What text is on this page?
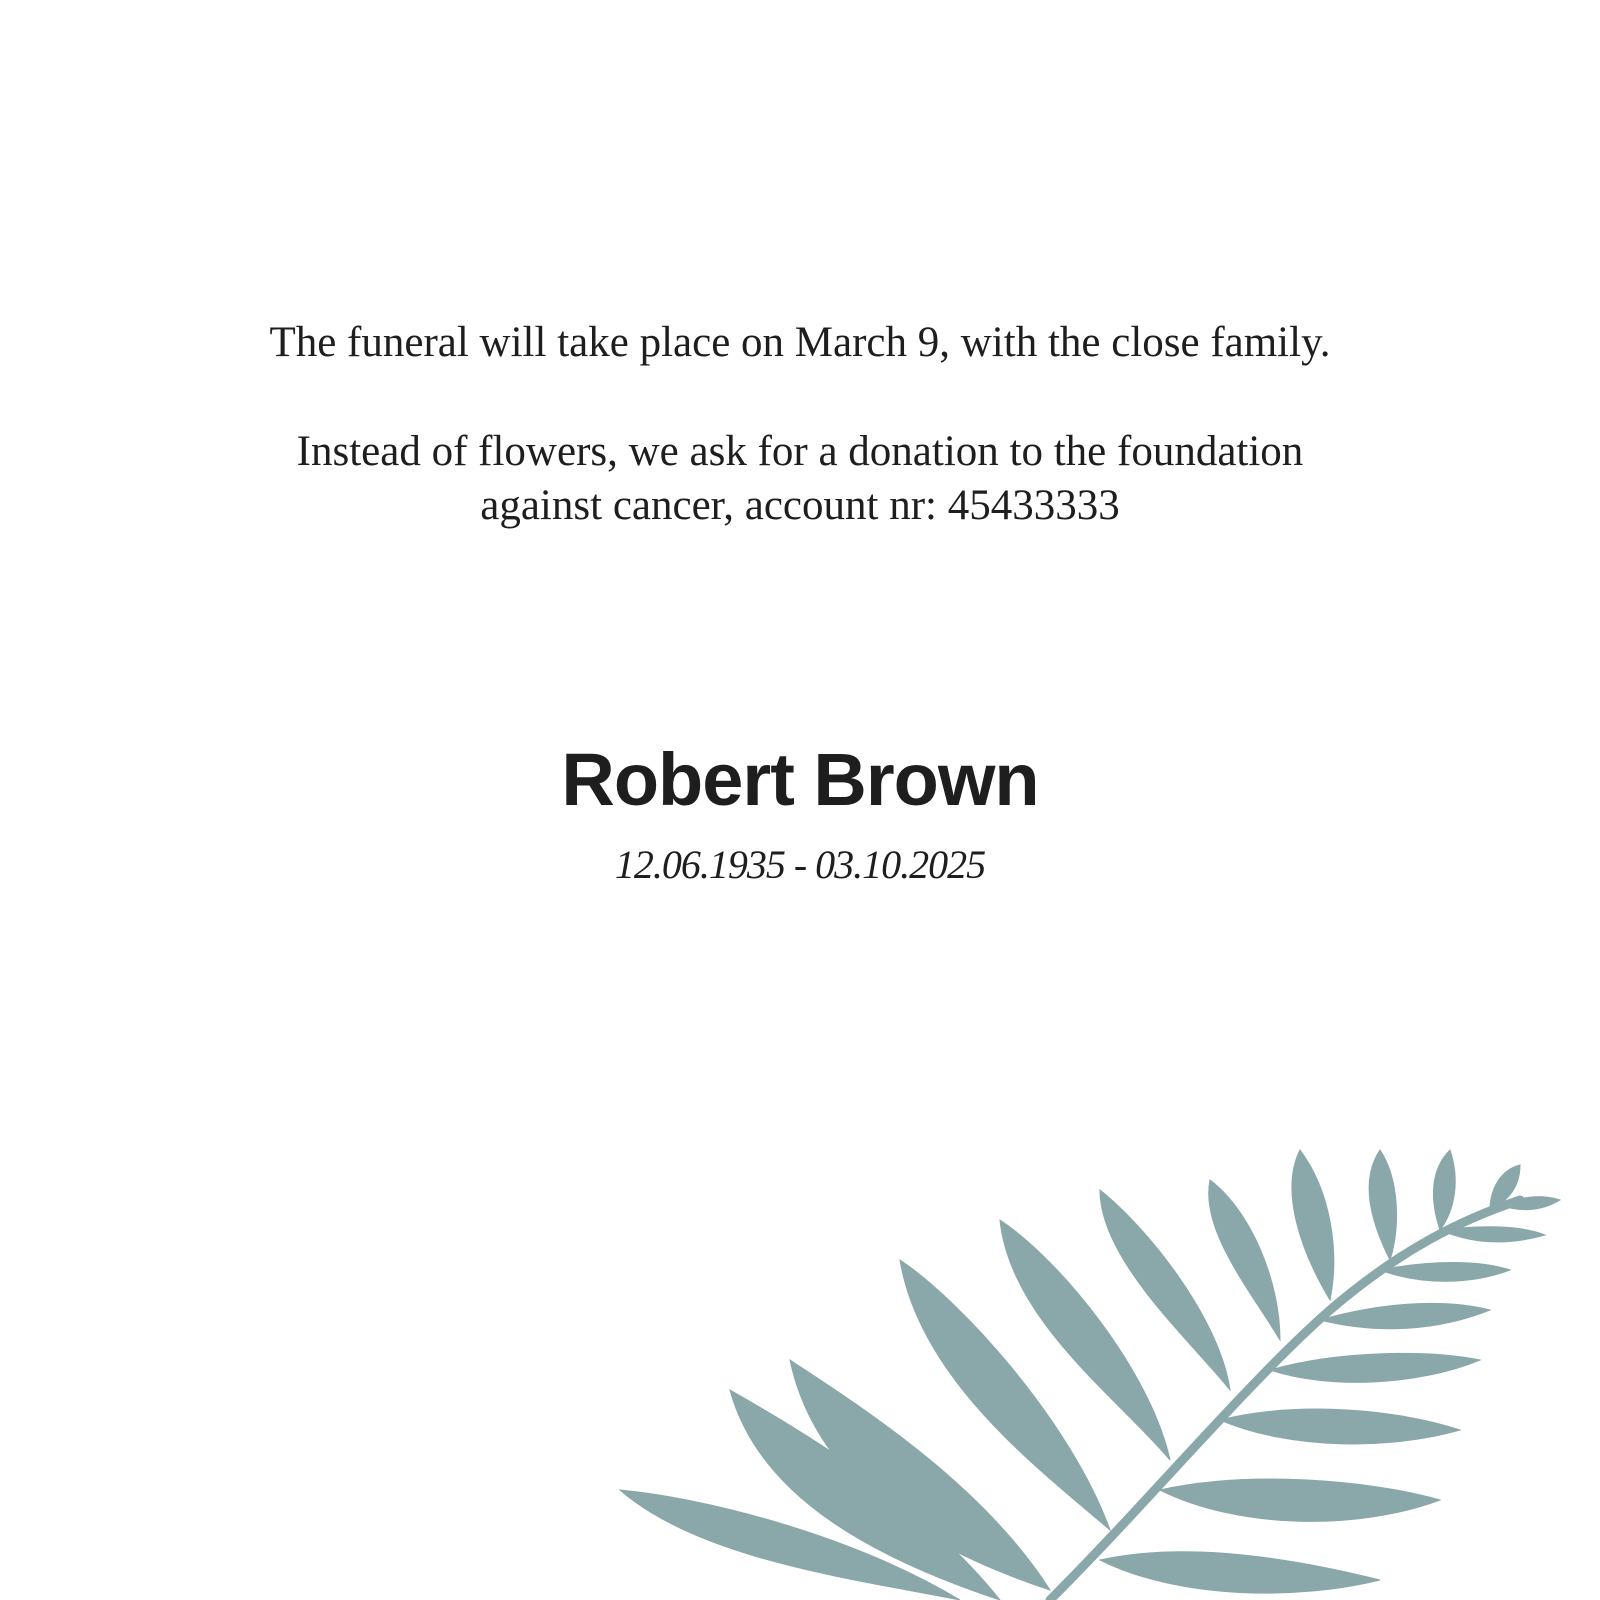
The funeral will take place on March 9, with the close family.
Instead of flowers, we ask for a donation to the foundation
against cancer, account nr: 45433333
Robert Brown
12.06.1935 - 03.10.2025
